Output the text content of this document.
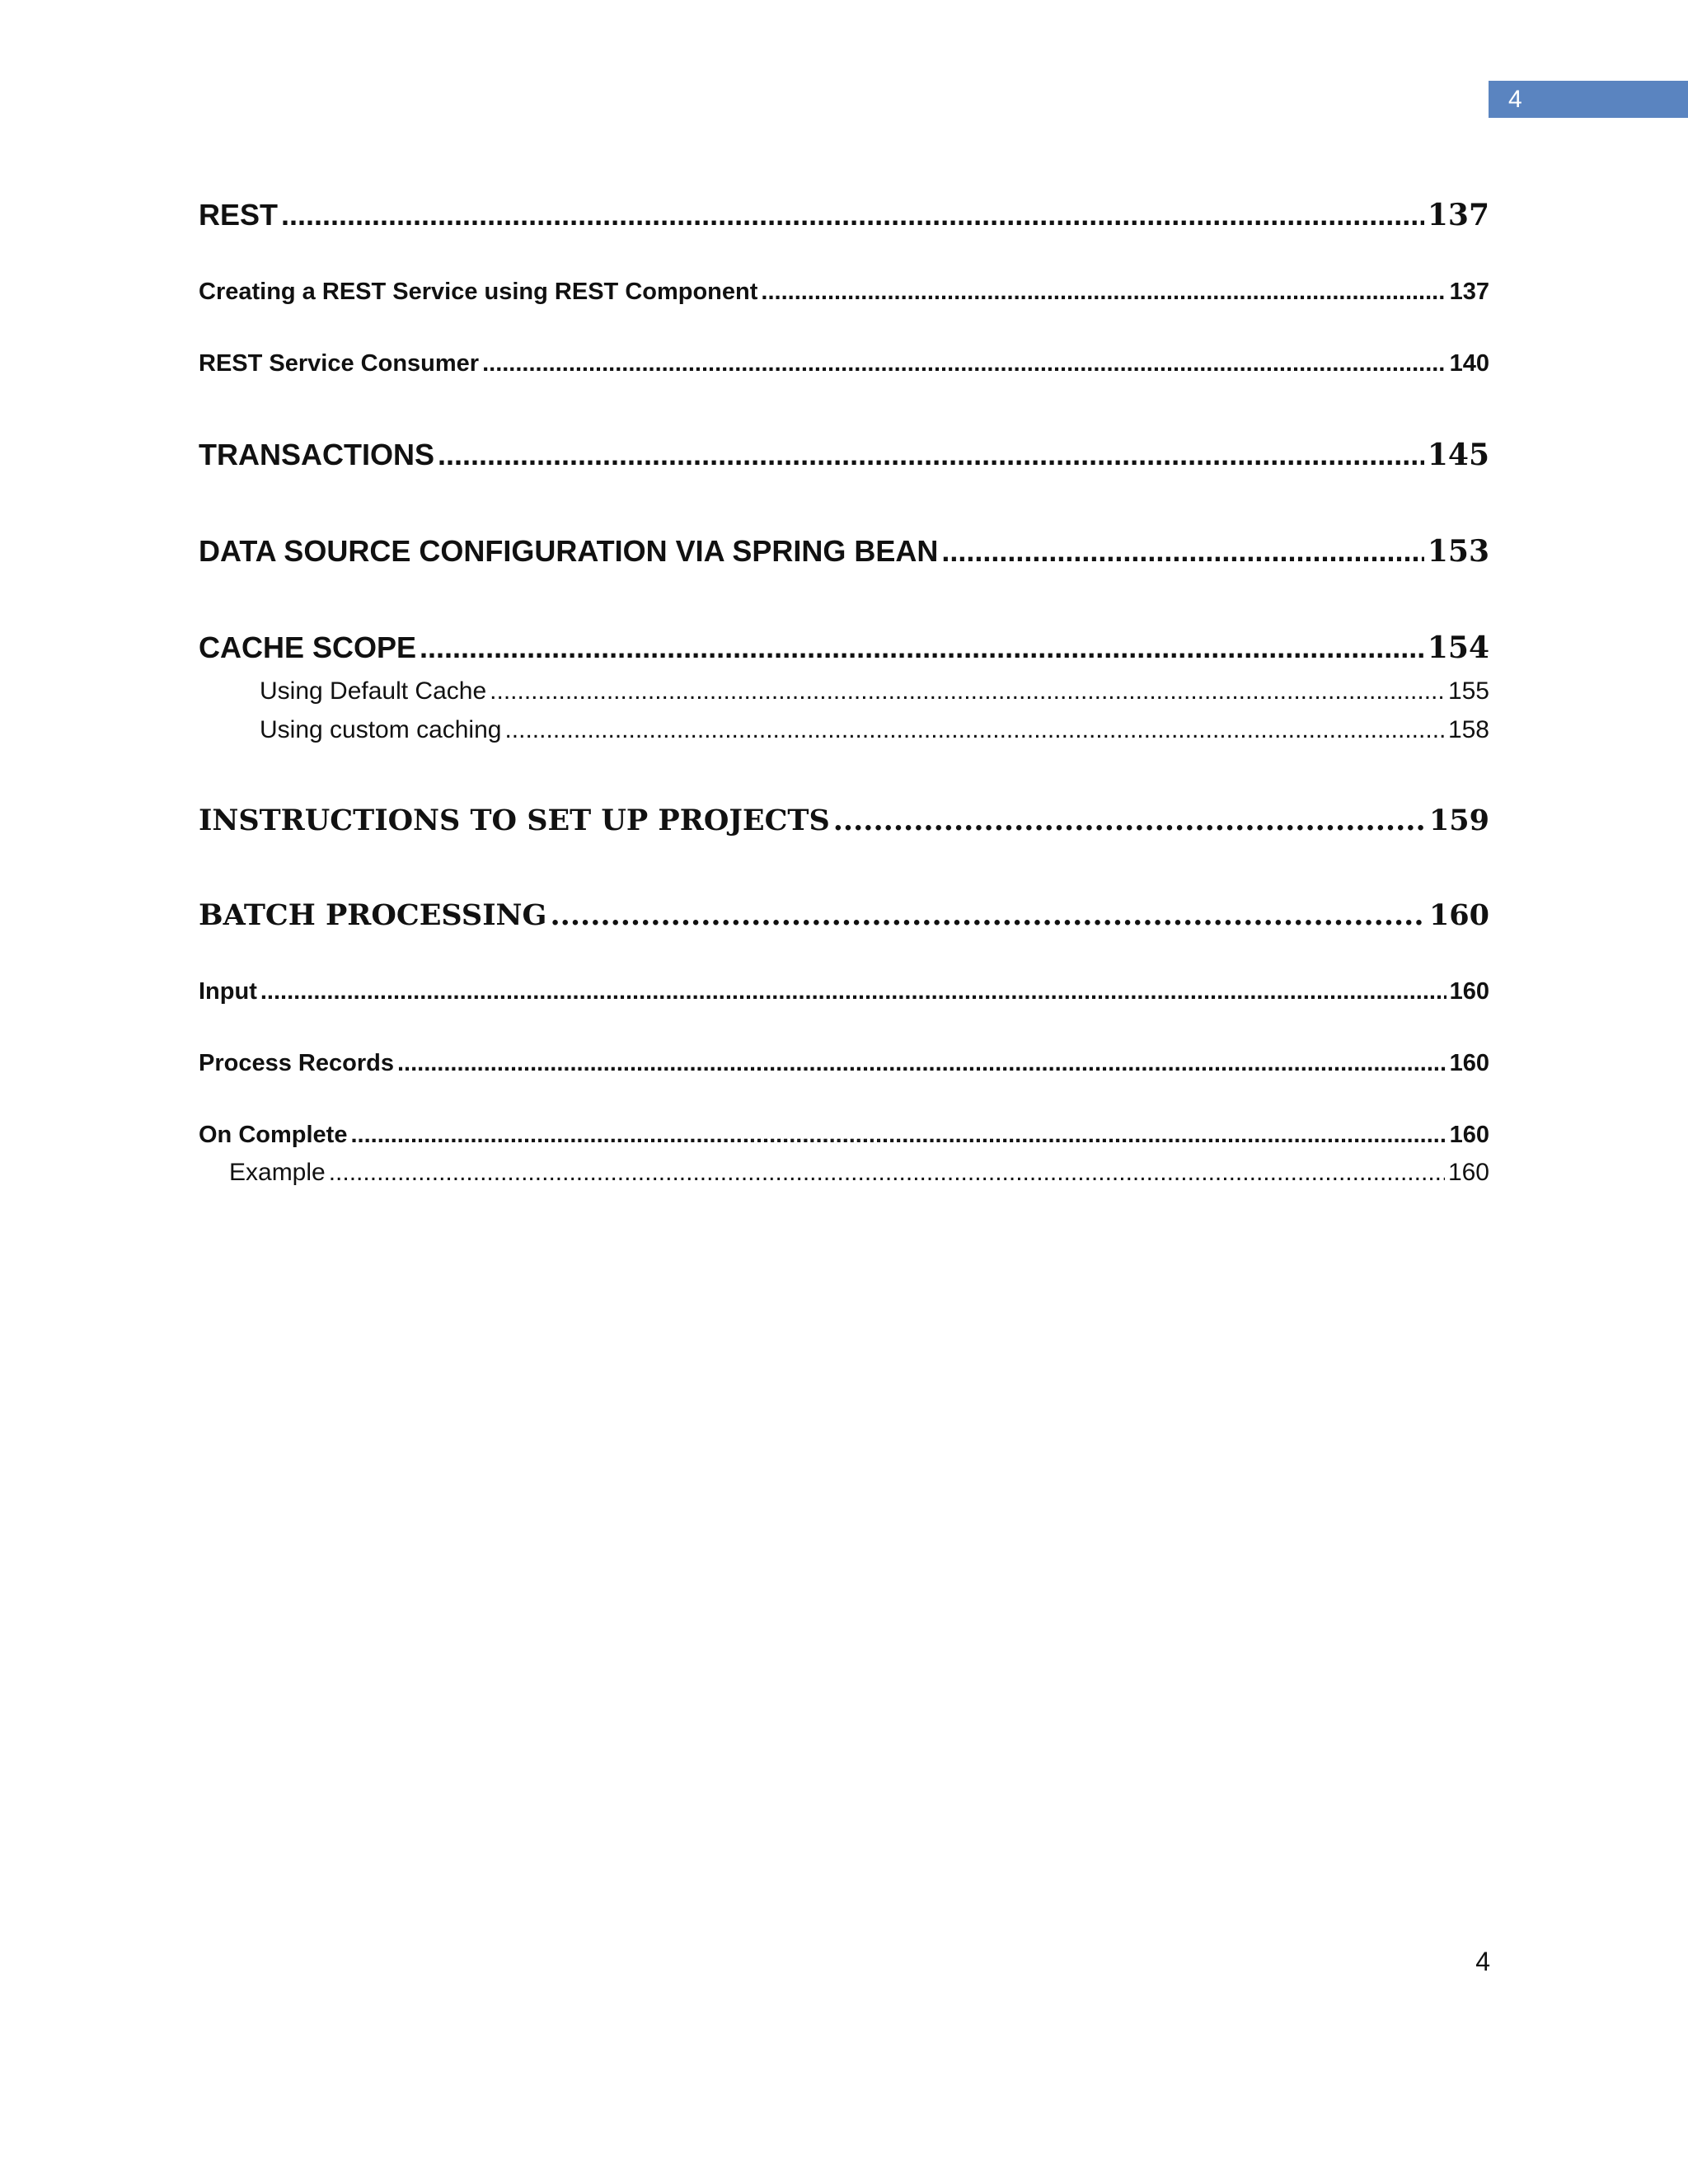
4
REST .....	137
Creating a REST Service using REST Component .....	137
REST Service Consumer .....	140
TRANSACTIONS .....	145
DATA SOURCE CONFIGURATION VIA SPRING BEAN .....	153
CACHE SCOPE .....	154
Using Default Cache .....	155
Using custom caching .....	158
INSTRUCTIONS TO SET UP PROJECTS .....	159
BATCH PROCESSING .....	160
Input .....	160
Process Records .....	160
On Complete .....	160
Example .....	160
4
